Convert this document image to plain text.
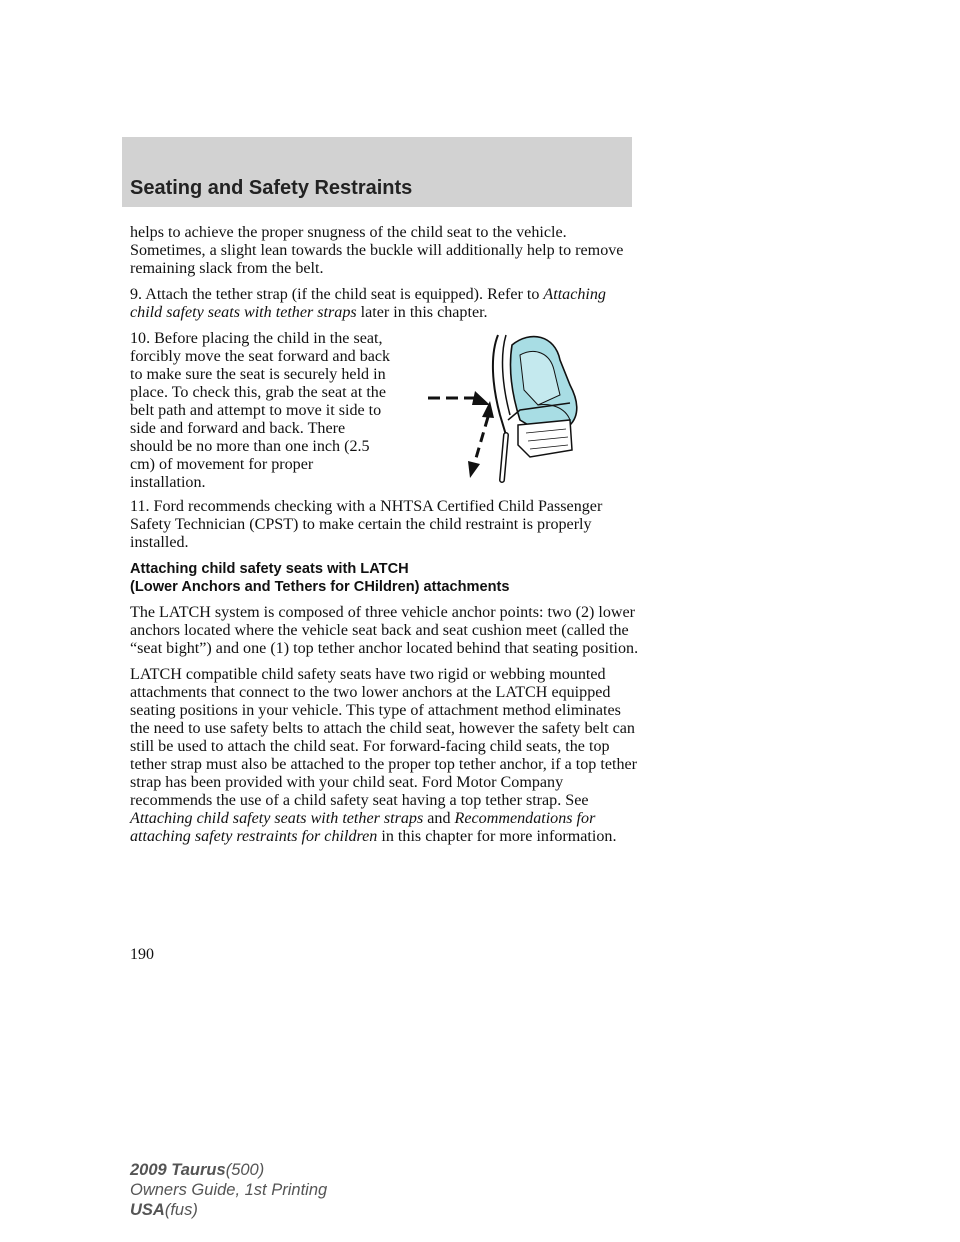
Seating and Safety Restraints

helps to achieve the proper snugness of the child seat to the vehicle. Sometimes, a slight lean towards the buckle will additionally help to remove remaining slack from the belt.

9. Attach the tether strap (if the child seat is equipped). Refer to Attaching child safety seats with tether straps later in this chapter.

10. Before placing the child in the seat, forcibly move the seat forward and back to make sure the seat is securely held in place. To check this, grab the seat at the belt path and attempt to move it side to side and forward and back. There should be no more than one inch (2.5 cm) of movement for proper installation.

11. Ford recommends checking with a NHTSA Certified Child Passenger Safety Technician (CPST) to make certain the child restraint is properly installed.

Attaching child safety seats with LATCH
(Lower Anchors and Tethers for CHildren) attachments

The LATCH system is composed of three vehicle anchor points: two (2) lower anchors located where the vehicle seat back and seat cushion meet (called the “seat bight”) and one (1) top tether anchor located behind that seating position.

LATCH compatible child safety seats have two rigid or webbing mounted attachments that connect to the two lower anchors at the LATCH equipped seating positions in your vehicle. This type of attachment method eliminates the need to use safety belts to attach the child seat, however the safety belt can still be used to attach the child seat. For forward-facing child seats, the top tether strap must also be attached to the proper top tether anchor, if a top tether strap has been provided with your child seat. Ford Motor Company recommends the use of a child safety seat having a top tether strap. See Attaching child safety seats with tether straps and Recommendations for attaching safety restraints for children in this chapter for more information.

190
2009 Taurus(500)
Owners Guide, 1st Printing
USA(fus)
